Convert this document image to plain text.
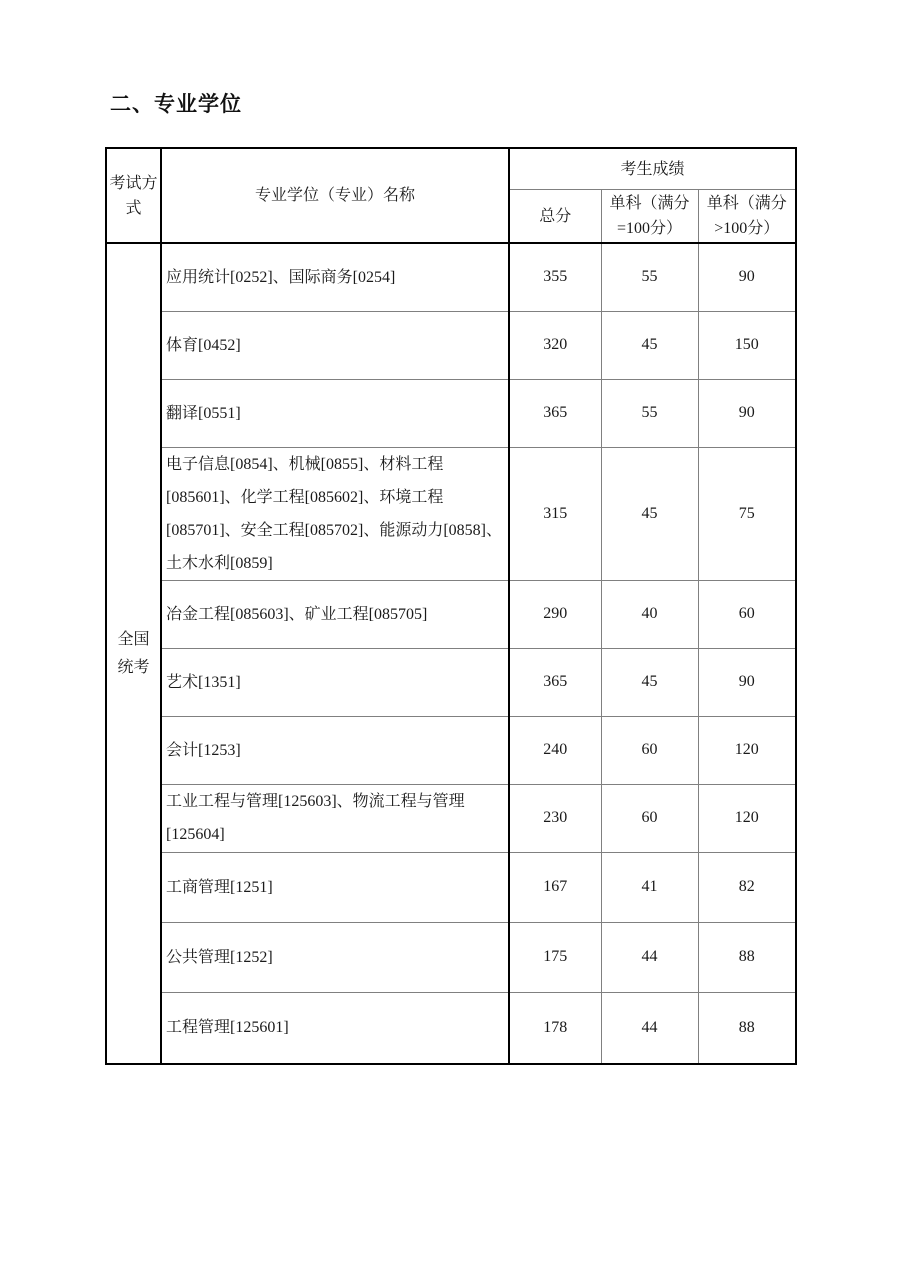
二、专业学位
考试方式	专业学位（专业）名称	考生成绩		
		总分	单科（满分=100分）	单科（满分>100分）
全国统考	应用统计[0252]、国际商务[0254]	355	55	90
	体育[0452]	320	45	150
	翻译[0551]	365	55	90
	电子信息[0854]、机械[0855]、材料工程[085601]、化学工程[085602]、环境工程[085701]、安全工程[085702]、能源动力[0858]、土木水利[0859]	315	45	75
	冶金工程[085603]、矿业工程[085705]	290	40	60
	艺术[1351]	365	45	90
	会计[1253]	240	60	120
	工业工程与管理[125603]、物流工程与管理[125604]	230	60	120
	工商管理[1251]	167	41	82
	公共管理[1252]	175	44	88
	工程管理[125601]	178	44	88
